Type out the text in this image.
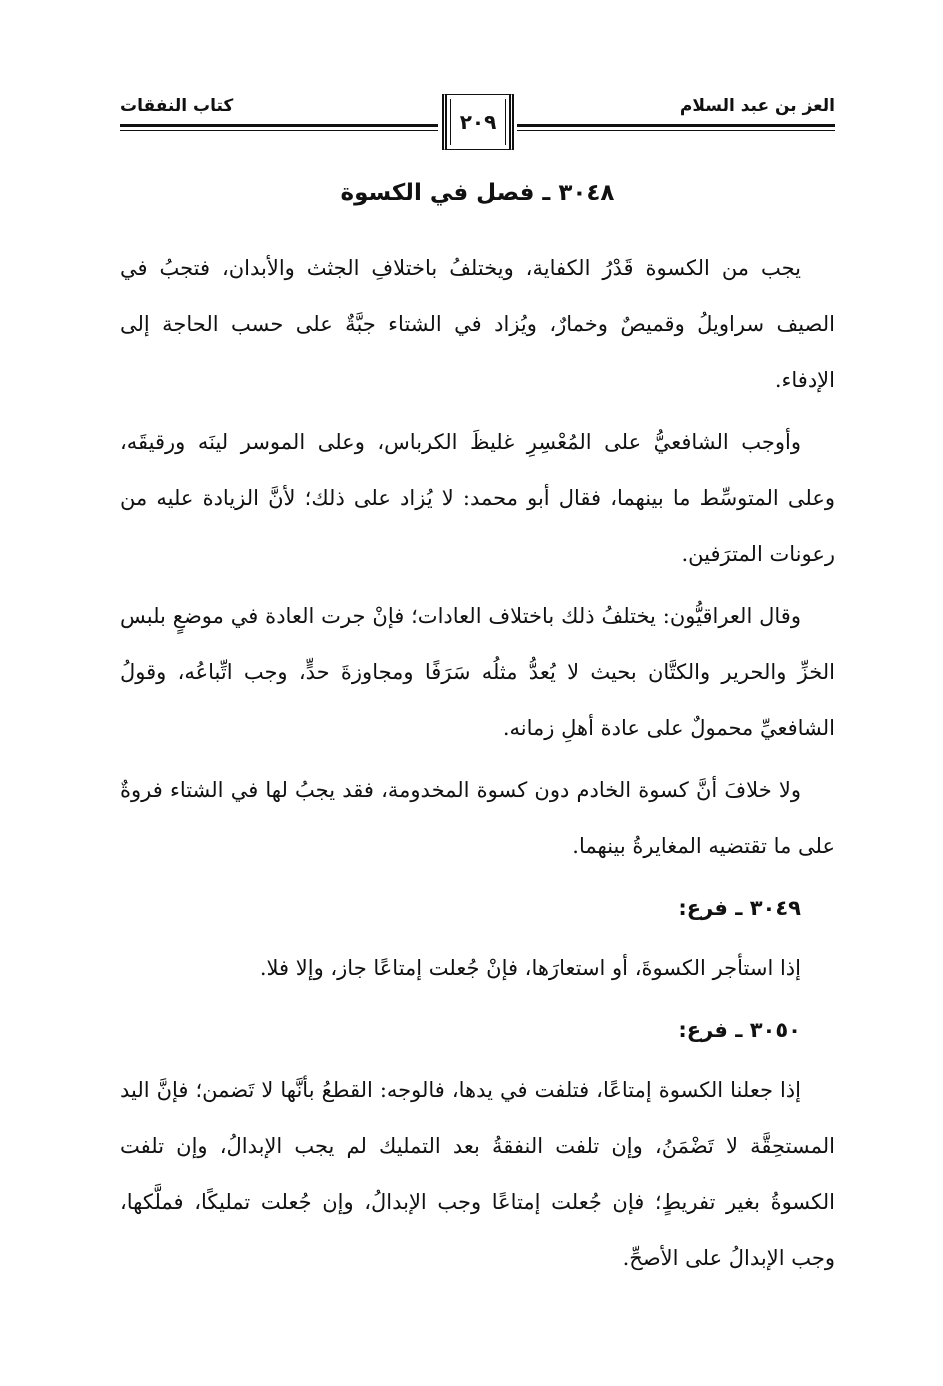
العز بن عبد السلام
٢٠٩
كتاب النفقات
٣٠٤٨ ـ فصل في الكسوة

يجب من الكسوة قَدْرُ الكفاية، ويختلفُ باختلافِ الجثث والأبدان، فتجبُ في الصيف سراويلُ وقميصٌ وخمارٌ، ويُزاد في الشتاء جبَّةٌ على حسب الحاجة إلى الإدفاء.

وأوجب الشافعيُّ على المُعْسِرِ غليظَ الكرباس، وعلى الموسر لينَه ورقيقَه، وعلى المتوسِّط ما بينهما، فقال أبو محمد: لا يُزاد على ذلك؛ لأنَّ الزيادة عليه من رعونات المترَفين.

وقال العراقيُّون: يختلفُ ذلك باختلاف العادات؛ فإنْ جرت العادة في موضعٍ بلبس الخزِّ والحرير والكتَّان بحيث لا يُعدُّ مثلُه سَرَفًا ومجاوزةَ حدٍّ، وجب اتِّباعُه، وقولُ الشافعيِّ محمولٌ على عادة أهلِ زمانه.

ولا خلافَ أنَّ كسوة الخادم دون كسوة المخدومة، فقد يجبُ لها في الشتاء فروةٌ على ما تقتضيه المغايرةُ بينهما.

٣٠٤٩ ـ فرع:

إذا استأجر الكسوةَ، أو استعارَها، فإنْ جُعلت إمتاعًا جاز، وإلا فلا.

٣٠٥٠ ـ فرع:

إذا جعلنا الكسوة إمتاعًا، فتلفت في يدها، فالوجه: القطعُ بأنَّها لا تَضمن؛ فإنَّ اليد المستحِقَّة لا تَضْمَنُ، وإن تلفت النفقةُ بعد التمليك لم يجب الإبدالُ، وإن تلفت الكسوةُ بغير تفريطٍ؛ فإن جُعلت إمتاعًا وجب الإبدالُ، وإن جُعلت تمليكًا، فملَّكها، وجب الإبدالُ على الأصحِّ.
